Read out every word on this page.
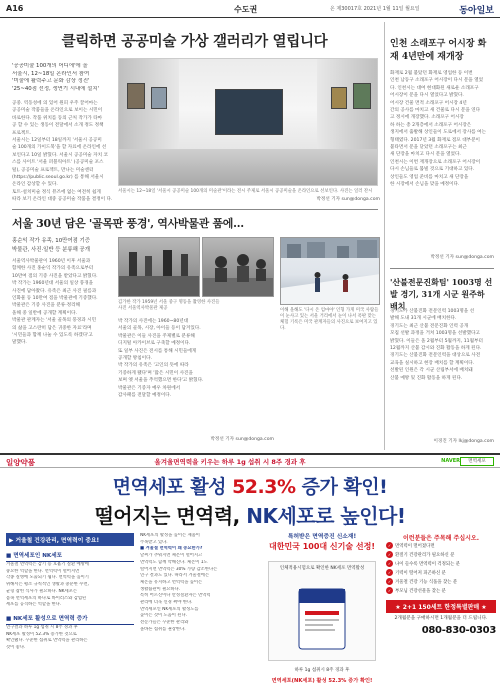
A16	수도권	온 제30017호 2021년 1월 11일 월요일	동아일보
클릭하면 공공미술 가상 갤러리가 열립니다
'공공미술 100개의 어디에'에 올
서울시, 12~18일 온라인서 참여
'미술에 활력주고 문화 감상 정진'
'25~40점 선정, 생연기 시내에 설치'
서울시는 12~18일 '서울시 공공미술 100개의 미술관'이라는 전시 주제로 서울시 공공미술을 온라인으로 선보인다. 사진는 일러 잔시
공중. 역동성에 의 있어 원피 우주 끌어마는
공공미술 작품들을 온라인으로 보이는 시민이
바로한다. 작품 위치를 동의 근처 작가가 타마
공 할 수 있는 생동이 전달에서 소개 정도 정책
프로젝트.
서울시는 12일부터 18일까지 '서울시 공공미
술 100개의 가이드북'을 할 자료에 온라인에 선
보인다고 10일 밝혔다. 서울시 공공미술 자치 코
스를 사이트 '서울 퍼블릭아트' (공공미술 포스
털), 공공미술 프로젝트, 만나는 미술센터
(https://public.seoul.go.kr) 를 통해 서울시
온라인 감상할 수 있다.
토트-설치미술 정식 뮤즈에 없는 여전히 쉽게
따라 보기 온라인 대중 공공미술 작품을 결정이 다.	박정선 기자 sun@donga.com
인천 소래포구 어시장 화재 4년만에 재개장
화재로 2월 불탔던 화재로 영업한 등 이번
인천 남동구 소래포구 어시장이 다시 문을 열었
다. 인천시는 대여 현대화된 새로운 소래포구
어시장이 문을 다시 열었다고 밝혔다.
어시장 건물 면적 소래포구 어시장 4년
간의 공사를 마치고 새 건물로 다시 문을 연다
고 정시에 개장했다. 소래포구 어시장
하 하는 총 2개층에서 소래포구 어시장은
생지에서 출발해 상인들이 도로에서 장사를 여는
형태였다. 2017년 3월 화재로 점포 대부분이
불타면서 문을 닫았던 소래포구는 최근
새 단장을 마치고 다시 문을 열었다.
인천시는 이번 재개장으로 소래포구 어시장이
다시 손님들로 붐빌 것으로 기대하고 있다.
상인들도 영업 준비를 마치고 새 단장을
한 시장에서 손님을 맞을 예정이다.
박정선 기자 sun@donga.com
'산불전문진화팀' 1003명 선발 경기, 31개 시군 원주하 배치
경기도가 산불진화 전문인력 1003명을 선
발해 도내 31개 시군에 배치한다.
경기도는 최근 산불 전문진화 인력 공개
모집 선발 과정을 거쳐 1003명을 선발했다고
밝혔다. 이들은 올 2월부터 5월까지, 11월부터
12월까지 산불 감시와 진화 활동을 하게 된다.
경기도는 산불진화 전문인력을 대상으로 사전
교육을 실시하고 현장 배치를 할 계획이다.
선발된 인원은 각 시군 산림부서에 배치돼
산불 예방 및 진화 활동을 하게 된다.
이경진 기자 lkj@donga.com
서울 30년 담은 '골목판 풍경', 역사박물관 품에…
홍순익 작가 유족, 10만여점 기증
박물관, 사진·일반 등 분류해 공개
서울역사박물관이 1960년 이후 서울과
함께한 사진 홍순익 작가의 유족으로부터
10만여 점의 기증 사진을 받았다고 밝혔다.
박 작가는 1960년대 서울의 일상 풍경을
사진에 담아왔다. 유족은 최근 사진 필름과
인화물 등 10만여 점을 박물관에 기증했다.
박물관은 기증 사진을 분류·정리해
올해 중 일반에 공개할 계획이다.
박물관 관계자는 '서울 골목의 풍경과 시민
의 삶을 고스란히 담은 귀중한 자료'라며
'시민들과 함께 나눌 수 있도록 하겠다'고
말했다.
김가한 작가 1959년 서울 중구 명동을 촬영한 사진들
사진 서울역사박물관 제공
박 작가의 사진에는 1960~80년대
서울의 골목, 시장, 아이들 등이 담겨있다.
박물관은 이들 사진을 주제별로 분류해
디지털 아카이브로 구축할 예정이다.
또 일부 사진은 전시를 통해 시민들에게
공개할 방침이다.
박 작가의 유족은 '고인의 뜻에 따라
기증하게 됐다'며 '많은 시민이 사진을
보며 옛 서울을 추억했으면 한다'고 밝혔다.
박물관은 기증자 예우 차원에서
감사패를 전달할 예정이다.
박정선 기자 sun@donga.com
이해 올해도 '다시 온 엄마야' 인형 가게 미국 사람들이 눈사고 있는 서울 거리에서 눈이 나서 폭판 맞는 체험 기록은 미국 관계자들의 사진으로 보여지고 있다.
일양약품	올겨울면역력을 키우는 하루 1g 섭취 시 8주 경과 후	NAVER	면역세포
면역세포 활성 52.3% 증가 확인!
떨어지는 면역력, NK세포로 높인다!
▶ 거울철 건강관리, 면역력이 중요!
■ 면역세포인 NK세포
겨울철 면역력은 감기 등 호흡기 질환 예방에
중요한 역할을 한다. 면역력이 떨어지면
각종 질병에 노출되기 쉽다. 면역력을 높이기
위해서는 평소 규칙적인 생활과 충분한 수면,
균형 잡힌 식사가 필요하다. NK세포는
몸속 면역세포의 하나로 바이러스와 감염된
세포를 공격하는 역할을 한다.
■ NK세포 활성으로 면역력 증가
연구결과 하루 1g 섭취 시 8주 경과 후
NK세포 활성이 52.3% 증가한 것으로
확인됐다. 꾸준한 섭취로 면역력을 관리하는
것이 좋다.
NK세포의 활성을 높이는 제품이
주목받고 있다.
■ 겨울철 면역력이 왜 중요한가?
날씨가 추워지면 체온이 떨어지고
면역력도 함께 약해진다. 체온이 1도
떨어지면 면역력은 30% 가량 감소한다는
연구 결과도 있다. 따라서 겨울철에는
체온을 유지하고 면역력을 높이는
생활습관이 필요하다.
특히 어르신이나 만성질환자는 면역력
관리에 더욱 신경 써야 한다.
면역세포인 NK세포의 활성도를
높이는 것이 도움이 된다.
전문가들은 꾸준한 관리와
올바른 섭취를 권장한다.
특허받은 면역증진 신소재!
대한민국 100대 신기술 선정!
인체적용시험으로 확인한 NK세포 면역활성
하루 1g 섭취시 8주 경과 후
면역세포(NK세포) 활성 52.3% 증가 확인!
이런분들은 주목해 주십시오.
✓ 면역력이 떨어졌다면
✓ 환절기 건강관리가 필요하신 분
✓ 나이 들수록 면역력이 걱정되는 분
✓ 기력이 떨어져 피곤하신 분
✓ 겨울철 건강 기능 식품을 찾는 분
✓ 부모님 건강선물을 찾는 분
★ 2+1 150세트 한정특별판매 ★
2개월분을 구매하시면 1개월분을 더 드립니다.
080-830-0303
